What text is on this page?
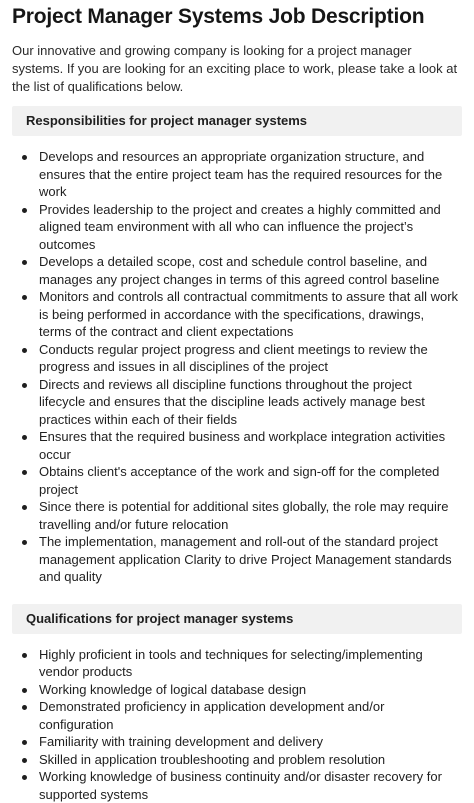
Project Manager Systems Job Description

Our innovative and growing company is looking for a project manager systems. If you are looking for an exciting place to work, please take a look at the list of qualifications below.

Responsibilities for project manager systems
Develops and resources an appropriate organization structure, and ensures that the entire project team has the required resources for the work
Provides leadership to the project and creates a highly committed and aligned team environment with all who can influence the project’s outcomes
Develops a detailed scope, cost and schedule control baseline, and manages any project changes in terms of this agreed control baseline
Monitors and controls all contractual commitments to assure that all work is being performed in accordance with the specifications, drawings, terms of the contract and client expectations
Conducts regular project progress and client meetings to review the progress and issues in all disciplines of the project
Directs and reviews all discipline functions throughout the project lifecycle and ensures that the discipline leads actively manage best practices within each of their fields
Ensures that the required business and workplace integration activities occur
Obtains client's acceptance of the work and sign-off for the completed project
Since there is potential for additional sites globally, the role may require travelling and/or future relocation
The implementation, management and roll-out of the standard project management application Clarity to drive Project Management standards and quality
Qualifications for project manager systems
Highly proficient in tools and techniques for selecting/implementing vendor products
Working knowledge of logical database design
Demonstrated proficiency in application development and/or configuration
Familiarity with training development and delivery
Skilled in application troubleshooting and problem resolution
Working knowledge of business continuity and/or disaster recovery for supported systems
